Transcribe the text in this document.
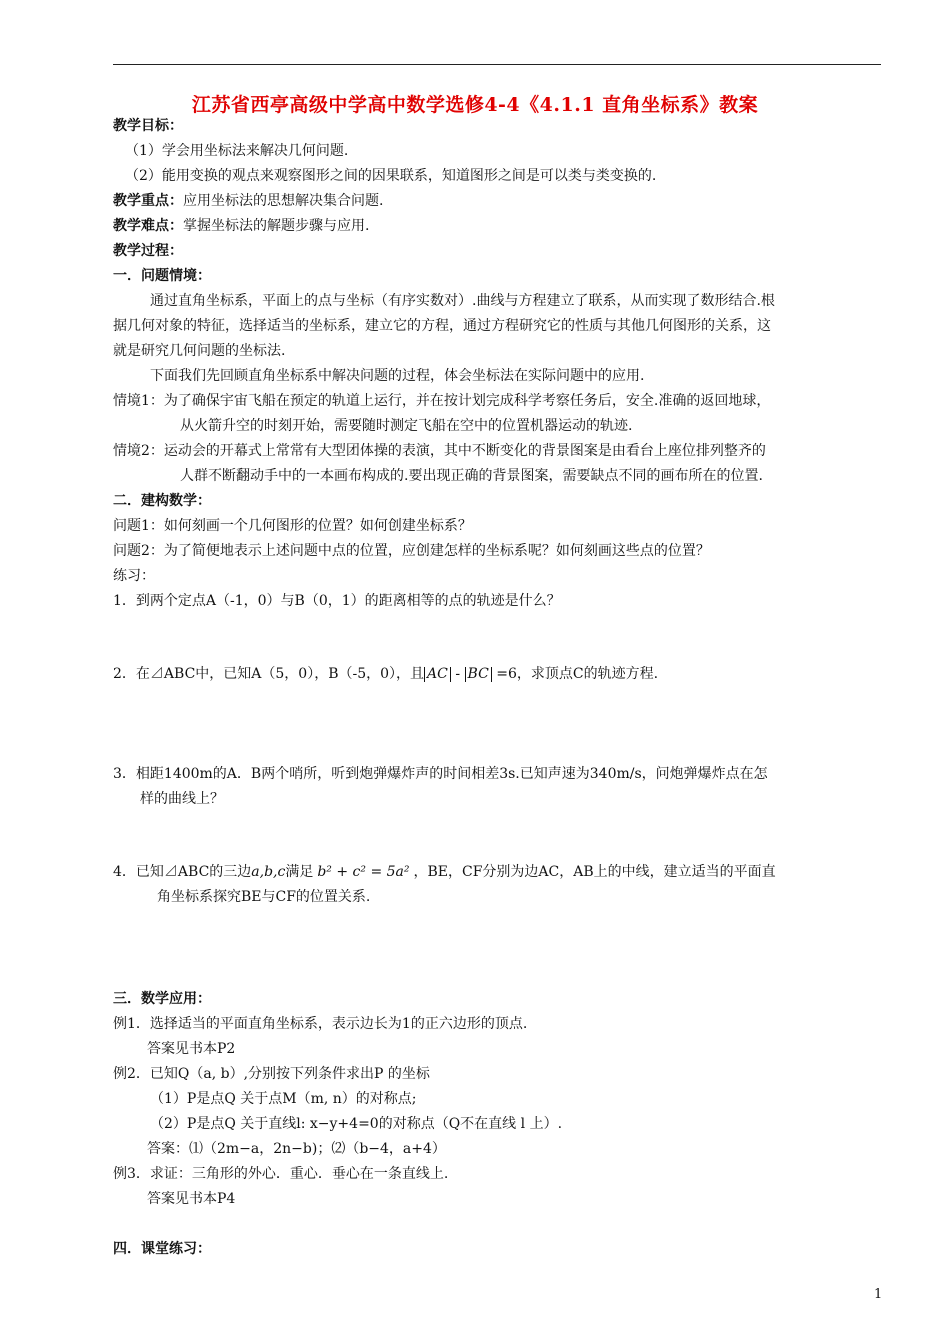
江苏省西亭高级中学高中数学选修4-4《4.1.1 直角坐标系》教案
教学目标：
（1）学会用坐标法来解决几何问题.
（2）能用变换的观点来观察图形之间的因果联系，知道图形之间是可以类与类变换的.
教学重点：应用坐标法的思想解决集合问题.
教学难点：掌握坐标法的解题步骤与应用.
教学过程：
一．问题情境：
通过直角坐标系，平面上的点与坐标（有序实数对）.曲线与方程建立了联系，从而实现了数形结合.根
据几何对象的特征，选择适当的坐标系，建立它的方程，通过方程研究它的性质与其他几何图形的关系，这
就是研究几何问题的坐标法.
下面我们先回顾直角坐标系中解决问题的过程，体会坐标法在实际问题中的应用.
情境1：为了确保宇宙飞船在预定的轨道上运行，并在按计划完成科学考察任务后，安全.准确的返回地球，
从火箭升空的时刻开始，需要随时测定飞船在空中的位置机器运动的轨迹.
情境2：运动会的开幕式上常常有大型团体操的表演，其中不断变化的背景图案是由看台上座位排列整齐的
人群不断翻动手中的一本画布构成的.要出现正确的背景图案，需要缺点不同的画布所在的位置.
二．建构数学：
问题1：如何刻画一个几何图形的位置？如何创建坐标系？
问题2：为了简便地表示上述问题中点的位置，应创建怎样的坐标系呢？如何刻画这些点的位置？
练习：
1．到两个定点A（-1，0）与B（0，1）的距离相等的点的轨迹是什么？
2．在⊿ABC中，已知A（5，0），B（-5，0），且 AC - BC =6，求顶点C的轨迹方程.
3．相距1400m的A．B两个哨所，听到炮弹爆炸声的时间相差3s.已知声速为340m/s，问炮弹爆炸点在怎
样的曲线上？
4．已知⊿ABC的三边a,b,c满足 b² + c² = 5a² ，BE，CF分别为边AC，AB上的中线，建立适当的平面直
角坐标系探究BE与CF的位置关系.
三．数学应用：
例1．选择适当的平面直角坐标系，表示边长为1的正六边形的顶点.
答案见书本P2
例2．已知Q（a, b）,分别按下列条件求出P 的坐标
（1）P是点Q 关于点M（m, n）的对称点;
（2）P是点Q 关于直线l: x−y+4=0的对称点（Q不在直线 l 上）.
答案：⑴（2m−a，2n−b)；⑵（b−4，a+4）
例3．求证：三角形的外心．重心．垂心在一条直线上.
答案见书本P4
四．课堂练习：
1
